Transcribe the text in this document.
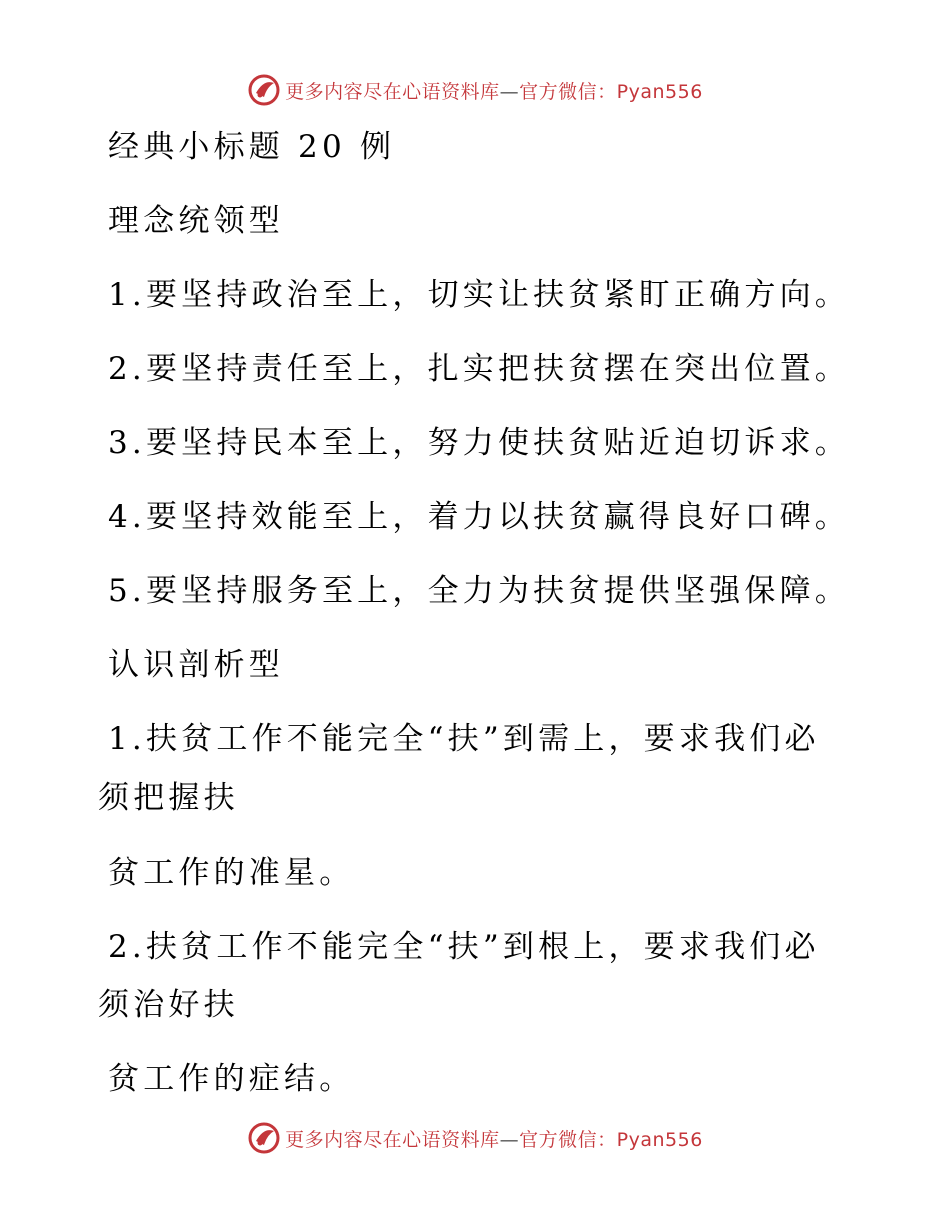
更多内容尽在心语资料库—官方微信：Pyan556
经典小标题 20 例
理念统领型
1.要坚持政治至上，切实让扶贫紧盯正确方向。
2.要坚持责任至上，扎实把扶贫摆在突出位置。
3.要坚持民本至上，努力使扶贫贴近迫切诉求。
4.要坚持效能至上，着力以扶贫赢得良好口碑。
5.要坚持服务至上，全力为扶贫提供坚强保障。
认识剖析型
1.扶贫工作不能完全“扶”到需上，要求我们必
须把握扶
贫工作的准星。
2.扶贫工作不能完全“扶”到根上，要求我们必
须治好扶
贫工作的症结。
更多内容尽在心语资料库—官方微信：Pyan556
